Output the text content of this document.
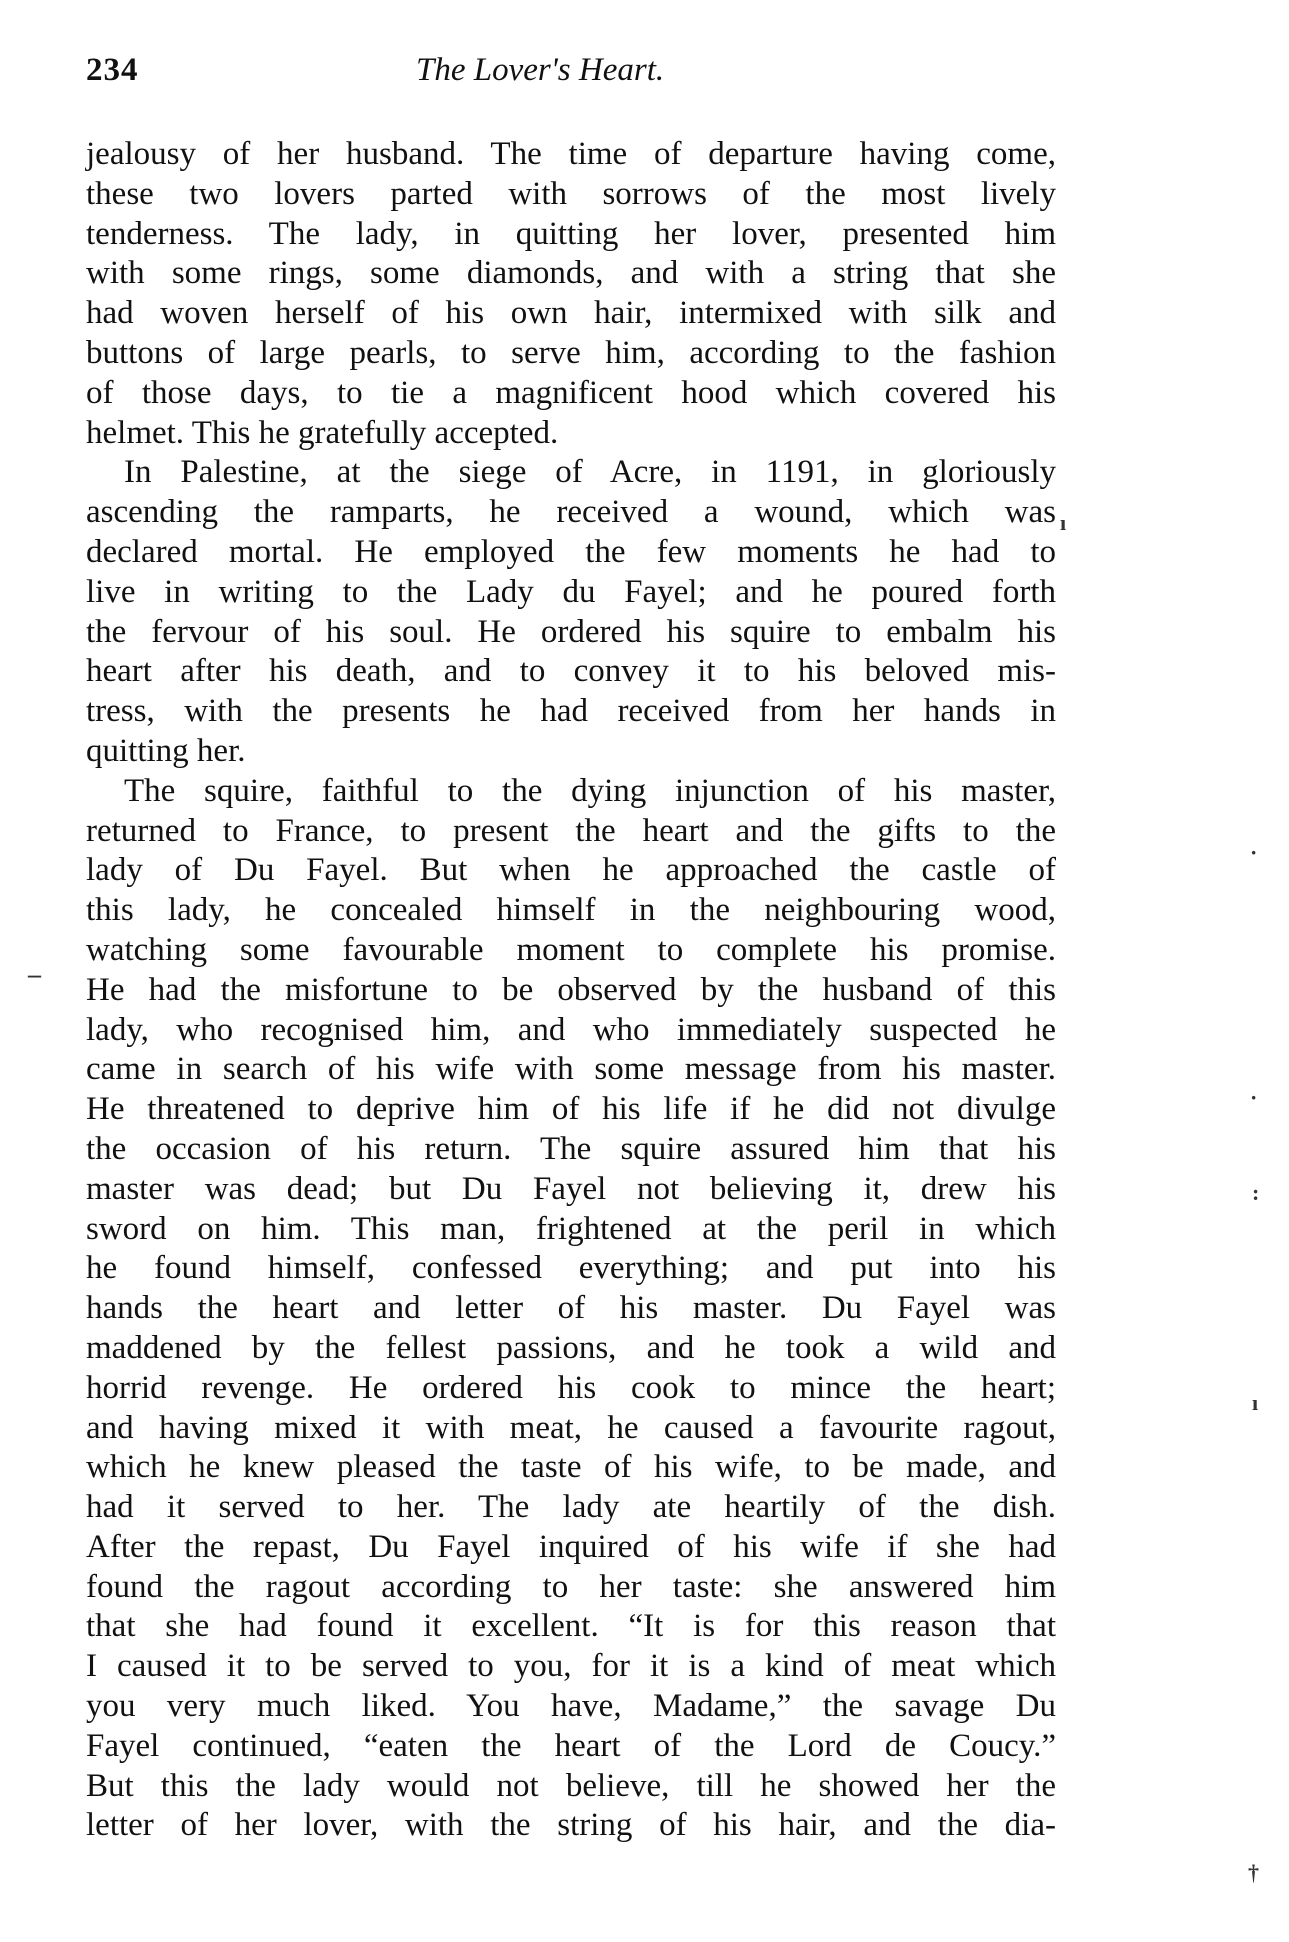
234	The Lover's Heart.
jealousy of her husband. The time of departure having come,
these two lovers parted with sorrows of the most lively
tenderness. The lady, in quitting her lover, presented him
with some rings, some diamonds, and with a string that she
had woven herself of his own hair, intermixed with silk and
buttons of large pearls, to serve him, according to the fashion
of those days, to tie a magnificent hood which covered his
helmet. This he gratefully accepted.
In Palestine, at the siege of Acre, in 1191, in gloriously
ascending the ramparts, he received a wound, which was
declared mortal. He employed the few moments he had to
live in writing to the Lady du Fayel; and he poured forth
the fervour of his soul. He ordered his squire to embalm his
heart after his death, and to convey it to his beloved mis-
tress, with the presents he had received from her hands in
quitting her.
The squire, faithful to the dying injunction of his master,
returned to France, to present the heart and the gifts to the
lady of Du Fayel. But when he approached the castle of
this lady, he concealed himself in the neighbouring wood,
watching some favourable moment to complete his promise.
He had the misfortune to be observed by the husband of this
lady, who recognised him, and who immediately suspected he
came in search of his wife with some message from his master.
He threatened to deprive him of his life if he did not divulge
the occasion of his return. The squire assured him that his
master was dead; but Du Fayel not believing it, drew his
sword on him. This man, frightened at the peril in which
he found himself, confessed everything; and put into his
hands the heart and letter of his master. Du Fayel was
maddened by the fellest passions, and he took a wild and
horrid revenge. He ordered his cook to mince the heart;
and having mixed it with meat, he caused a favourite ragout,
which he knew pleased the taste of his wife, to be made, and
had it served to her. The lady ate heartily of the dish.
After the repast, Du Fayel inquired of his wife if she had
found the ragout according to her taste: she answered him
that she had found it excellent. “It is for this reason that
I caused it to be served to you, for it is a kind of meat which
you very much liked. You have, Madame,” the savage Du
Fayel continued, “eaten the heart of the Lord de Coucy.”
But this the lady would not believe, till he showed her the
letter of her lover, with the string of his hair, and the dia-
ı
–
·
·
:
ı
†
